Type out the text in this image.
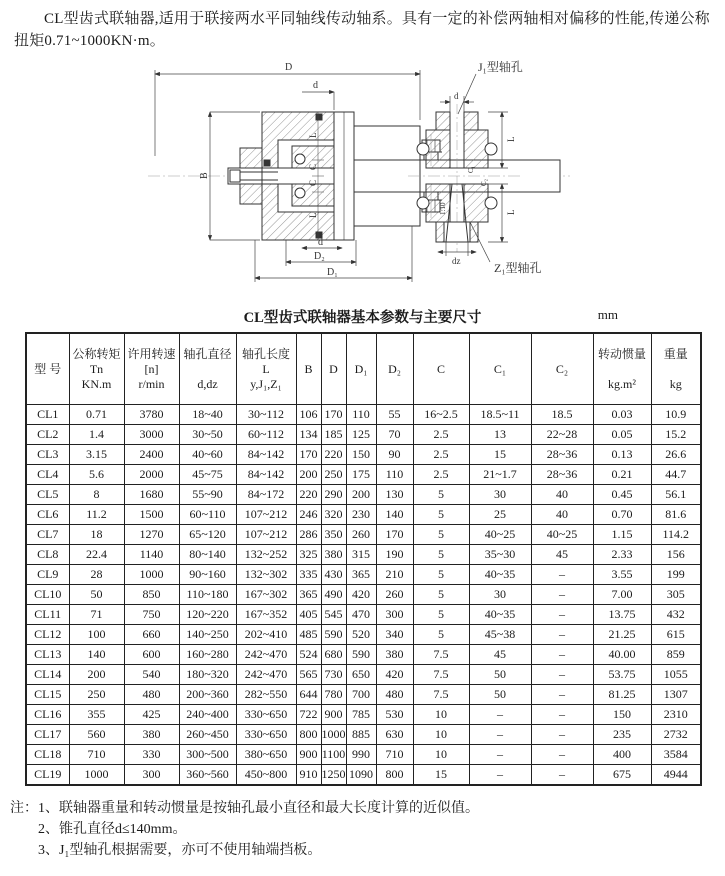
CL型齿式联轴器,适用于联接两水平同轴线传动轴系。具有一定的补偿两轴相对偏移的性能,传递公称扭矩0.71~1000KN·m。

D
d
B
L
C
C
L
d
D₂
D₁
d
L
C₁
C₂
L
1:10
dz
J₁型轴孔
Z₁型轴孔
CL型齿式联轴器基本参数与主要尺寸	mm
型 号	公称转矩
Tn
KN.m	许用转速
[n]
r/min	轴孔直径

d,dz	轴孔长度
L
y,J₁,Z₁	B	D	D₁	D₂	C	C₁	C₂	转动惯量

kg.m²	重量

kg
CL1	0.71	3780	18~40	30~112	106	170	110	55	16~2.5	18.5~11	18.5	0.03	10.9
CL2	1.4	3000	30~50	60~112	134	185	125	70	2.5	13	22~28	0.05	15.2
CL3	3.15	2400	40~60	84~142	170	220	150	90	2.5	15	28~36	0.13	26.6
CL4	5.6	2000	45~75	84~142	200	250	175	110	2.5	21~1.7	28~36	0.21	44.7
CL5	8	1680	55~90	84~172	220	290	200	130	5	30	40	0.45	56.1
CL6	11.2	1500	60~110	107~212	246	320	230	140	5	25	40	0.70	81.6
CL7	18	1270	65~120	107~212	286	350	260	170	5	40~25	40~25	1.15	114.2
CL8	22.4	1140	80~140	132~252	325	380	315	190	5	35~30	45	2.33	156
CL9	28	1000	90~160	132~302	335	430	365	210	5	40~35	–	3.55	199
CL10	50	850	110~180	167~302	365	490	420	260	5	30	–	7.00	305
CL11	71	750	120~220	167~352	405	545	470	300	5	40~35	–	13.75	432
CL12	100	660	140~250	202~410	485	590	520	340	5	45~38	–	21.25	615
CL13	140	600	160~280	242~470	524	680	590	380	7.5	45	–	40.00	859
CL14	200	540	180~320	242~470	565	730	650	420	7.5	50	–	53.75	1055
CL15	250	480	200~360	282~550	644	780	700	480	7.5	50	–	81.25	1307
CL16	355	425	240~400	330~650	722	900	785	530	10	–	–	150	2310
CL17	560	380	260~450	330~650	800	1000	885	630	10	–	–	235	2732
CL18	710	330	300~500	380~650	900	1100	990	710	10	–	–	400	3584
CL19	1000	300	360~560	450~800	910	1250	1090	800	15	–	–	675	4944
注： 1、联轴器重量和转动惯量是按轴孔最小直径和最大长度计算的近似值。
2、锥孔直径d≤140mm。
3、J₁型轴孔根据需要，亦可不使用轴端挡板。
